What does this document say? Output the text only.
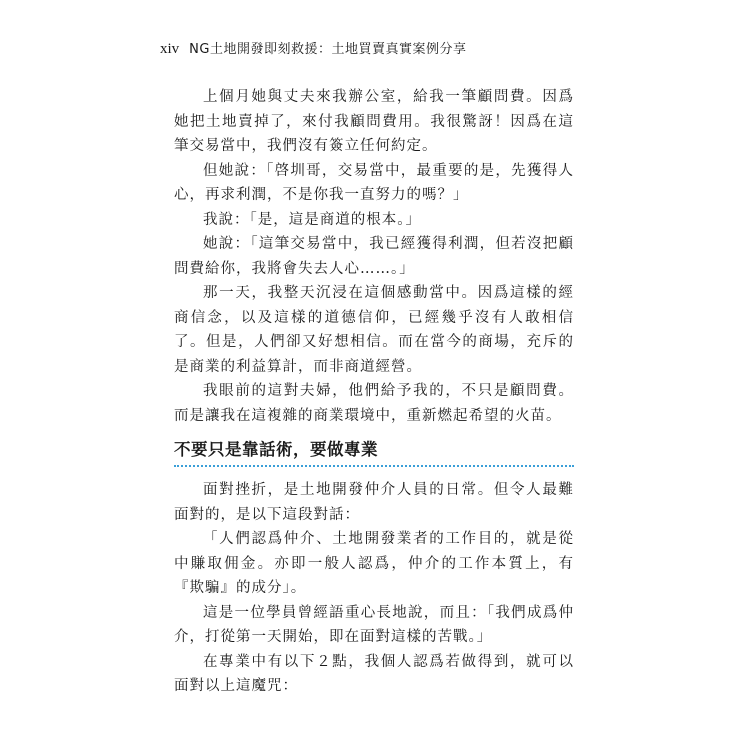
xiv NG土地開發即刻救援：土地買賣真實案例分享

上個月她與丈夫來我辦公室，給我一筆顧問費。因爲她把土地賣掉了，來付我顧問費用。我很驚訝！因爲在這筆交易當中，我們沒有簽立任何約定。

但她說：「啓圳哥，交易當中，最重要的是，先獲得人心，再求利潤，不是你我一直努力的嗎？」

我說：「是，這是商道的根本。」

她說：「這筆交易當中，我已經獲得利潤，但若沒把顧問費給你，我將會失去人心……。」

那一天，我整天沉浸在這個感動當中。因爲這樣的經商信念，以及這樣的道德信仰，已經幾乎沒有人敢相信了。但是，人們卻又好想相信。而在當今的商場，充斥的是商業的利益算計，而非商道經營。

我眼前的這對夫婦，他們給予我的，不只是顧問費。而是讓我在這複雜的商業環境中，重新燃起希望的火苗。

不要只是靠話術，要做專業

面對挫折，是土地開發仲介人員的日常。但令人最難面對的，是以下這段對話：

「人們認爲仲介、土地開發業者的工作目的，就是從中賺取佣金。亦即一般人認爲，仲介的工作本質上，有『欺騙』的成分」。

這是一位學員曾經語重心長地說，而且：「我們成爲仲介，打從第一天開始，即在面對這樣的苦戰。」

在專業中有以下２點，我個人認爲若做得到，就可以面對以上這魔咒：
